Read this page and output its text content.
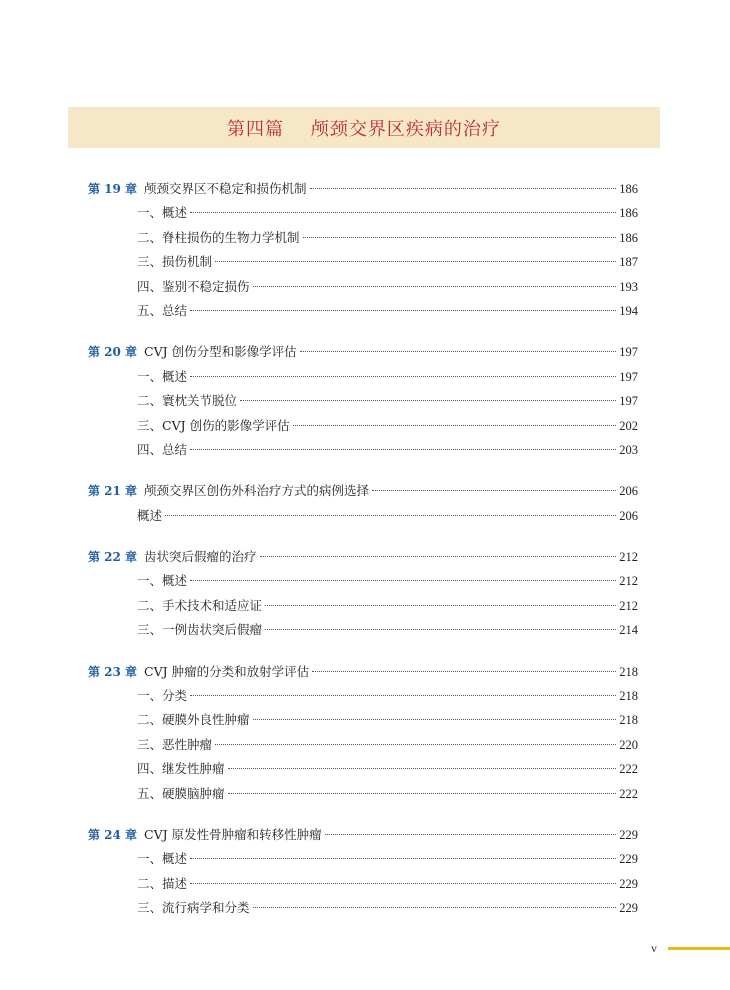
第四篇    颅颈交界区疾病的治疗
第 19 章 颅颈交界区不稳定和损伤机制	186
一、概述	186
二、脊柱损伤的生物力学机制	186
三、损伤机制	187
四、鉴别不稳定损伤	193
五、总结	194
第 20 章 CVJ 创伤分型和影像学评估	197
一、概述	197
二、寰枕关节脱位	197
三、CVJ 创伤的影像学评估	202
四、总结	203
第 21 章 颅颈交界区创伤外科治疗方式的病例选择	206
概述	206
第 22 章 齿状突后假瘤的治疗	212
一、概述	212
二、手术技术和适应证	212
三、一例齿状突后假瘤	214
第 23 章 CVJ 肿瘤的分类和放射学评估	218
一、分类	218
二、硬膜外良性肿瘤	218
三、恶性肿瘤	220
四、继发性肿瘤	222
五、硬膜脑肿瘤	222
第 24 章 CVJ 原发性骨肿瘤和转移性肿瘤	229
一、概述	229
二、描述	229
三、流行病学和分类	229
v
